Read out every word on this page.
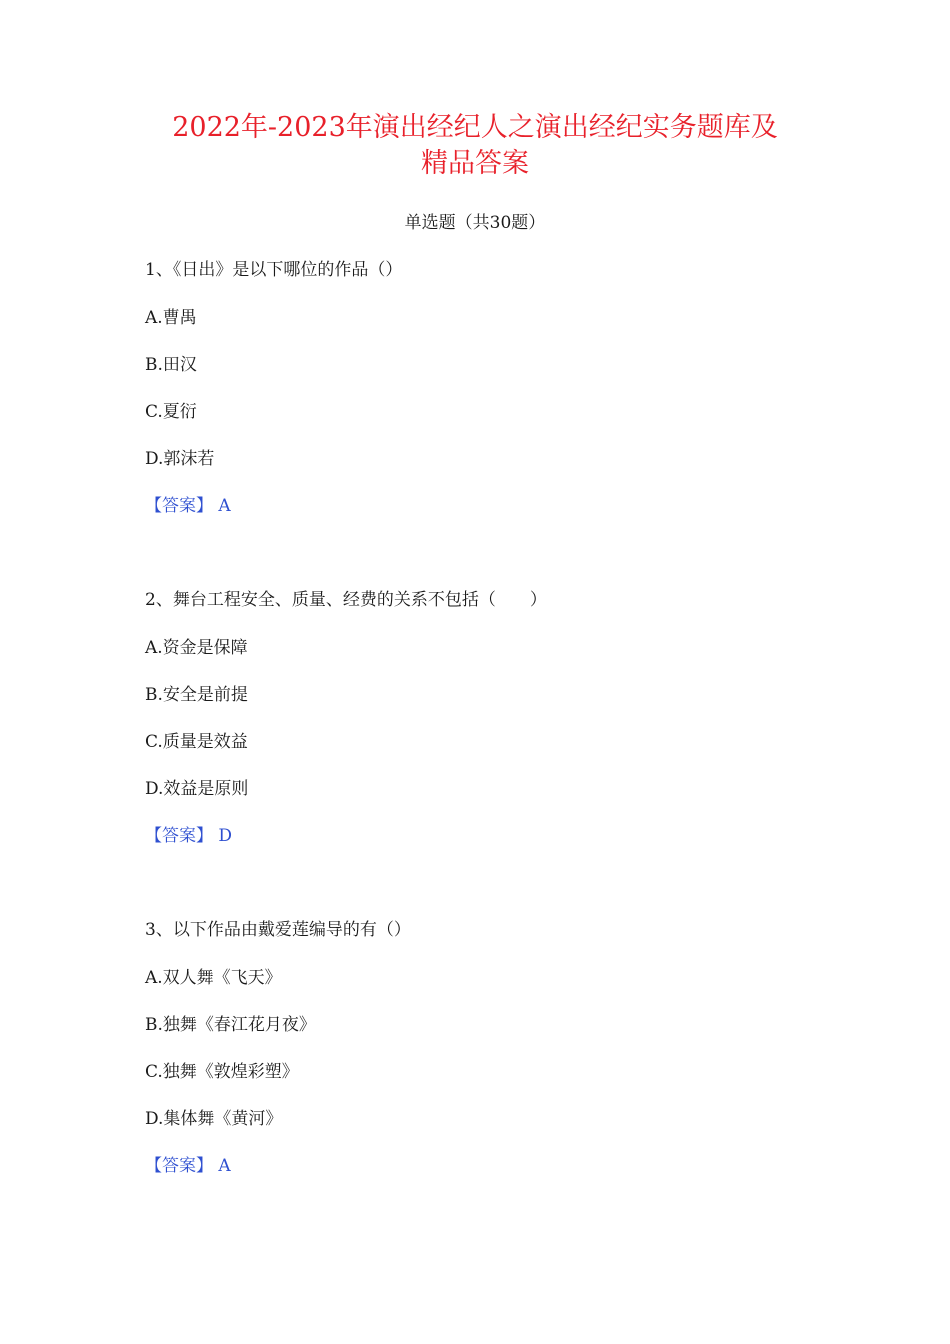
2022年-2023年演出经纪人之演出经纪实务题库及
精品答案
单选题（共30题）
1、《日出》是以下哪位的作品（）
A.曹禺
B.田汉
C.夏衍
D.郭沫若
【答案】 A
2、舞台工程安全、质量、经费的关系不包括（　　）
A.资金是保障
B.安全是前提
C.质量是效益
D.效益是原则
【答案】 D
3、以下作品由戴爱莲编导的有（）
A.双人舞《飞天》
B.独舞《春江花月夜》
C.独舞《敦煌彩塑》
D.集体舞《黄河》
【答案】 A
